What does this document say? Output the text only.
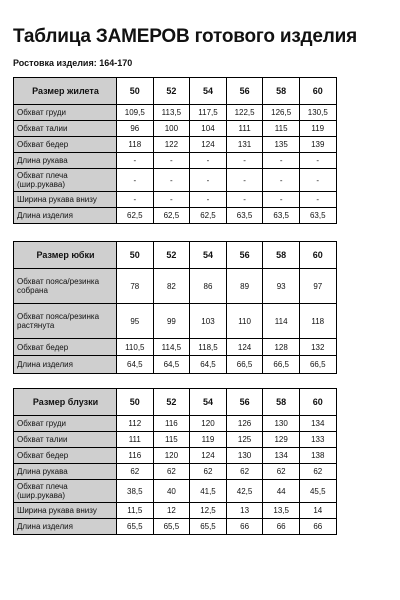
Таблица ЗАМЕРОВ готового изделия
Ростовка изделия: 164-170
Размер жилета	50	52	54	56	58	60
Обхват груди	109,5	113,5	117,5	122,5	126,5	130,5
Обхват талии	96	100	104	111	115	119
Обхват бедер	118	122	124	131	135	139
Длина рукава	-	-	-	-	-	-
Обхват плеча (шир.рукава)	-	-	-	-	-	-
Ширина рукава внизу	-	-	-	-	-	-
Длина изделия	62,5	62,5	62,5	63,5	63,5	63,5
Размер юбки	50	52	54	56	58	60
Обхват пояса/резинка собрана	78	82	86	89	93	97
Обхват пояса/резинка растянута	95	99	103	110	114	118
Обхват бедер	110,5	114,5	118,5	124	128	132
Длина изделия	64,5	64,5	64,5	66,5	66,5	66,5
Размер блузки	50	52	54	56	58	60
Обхват груди	112	116	120	126	130	134
Обхват талии	111	115	119	125	129	133
Обхват бедер	116	120	124	130	134	138
Длина рукава	62	62	62	62	62	62
Обхват плеча (шир.рукава)	38,5	40	41,5	42,5	44	45,5
Ширина рукава внизу	11,5	12	12,5	13	13,5	14
Длина изделия	65,5	65,5	65,5	66	66	66
